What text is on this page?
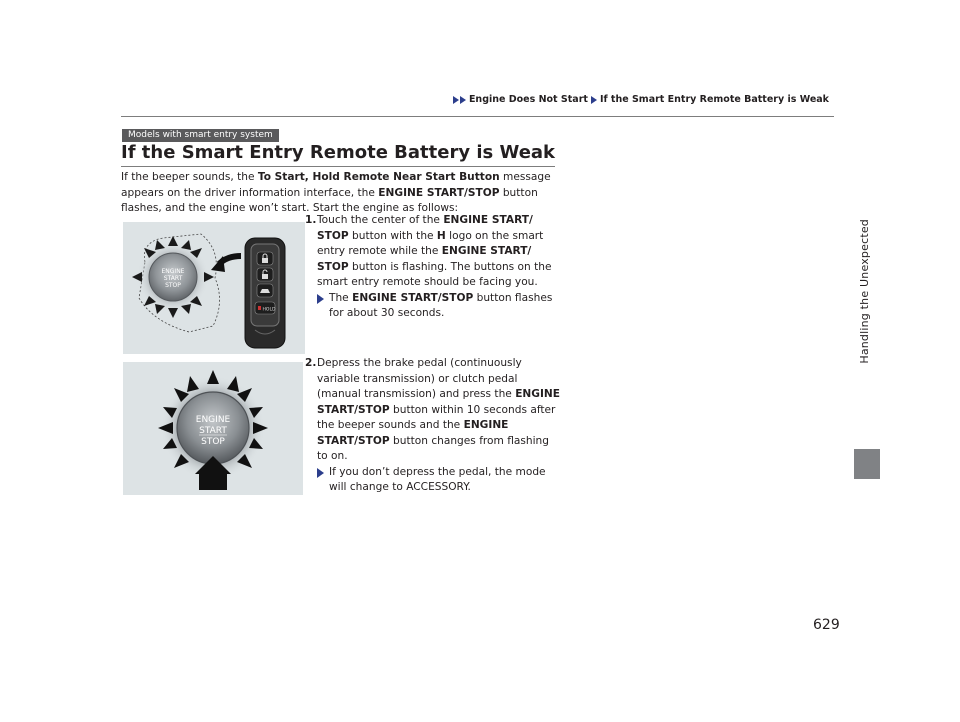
Engine Does Not Start If the Smart Entry Remote Battery is Weak
Handling the Unexpected
629
Models with smart entry system
If the Smart Entry Remote Battery is Weak
If the beeper sounds, the To Start, Hold Remote Near Start Button message appears on the driver information interface, the ENGINE START/STOP button flashes, and the engine won’t start. Start the engine as follows:
ENGINE
START
STOP
HOLD
1. Touch the center of the ENGINE START/ STOP button with the H logo on the smart entry remote while the ENGINE START/ STOP button is flashing. The buttons on the smart entry remote should be facing you.
The ENGINE START/STOP button flashes for about 30 seconds.
ENGINE
START
STOP
2. Depress the brake pedal (continuously variable transmission) or clutch pedal (manual transmission) and press the ENGINE START/STOP button within 10 seconds after the beeper sounds and the ENGINE START/STOP button changes from flashing to on.
If you don’t depress the pedal, the mode will change to ACCESSORY.
